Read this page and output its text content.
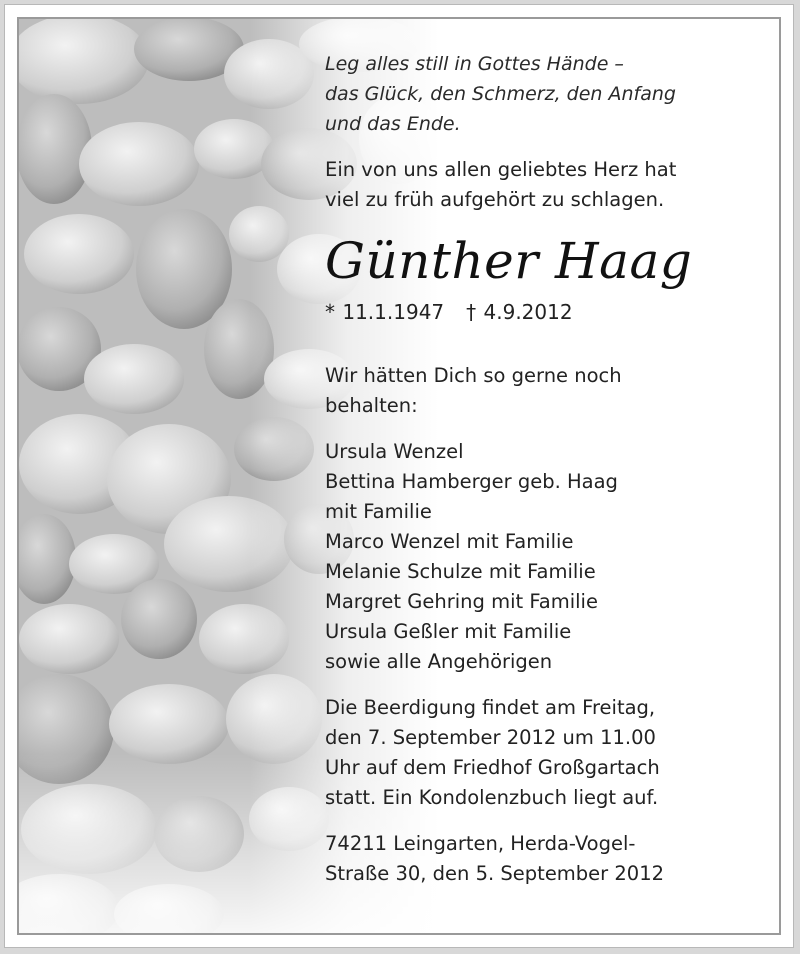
Leg alles still in Gottes Hände –
das Glück, den Schmerz, den Anfang
und das Ende.
Ein von uns allen geliebtes Herz hat
viel zu früh aufgehört zu schlagen.
Günther Haag
* 11.1.1947 † 4.9.2012
Wir hätten Dich so gerne noch
behalten:
Ursula Wenzel
Bettina Hamberger geb. Haag
mit Familie
Marco Wenzel mit Familie
Melanie Schulze mit Familie
Margret Gehring mit Familie
Ursula Geßler mit Familie
sowie alle Angehörigen
Die Beerdigung findet am Freitag,
den 7. September 2012 um 11.00
Uhr auf dem Friedhof Großgartach
statt. Ein Kondolenzbuch liegt auf.
74211 Leingarten, Herda-Vogel-
Straße 30, den 5. September 2012
